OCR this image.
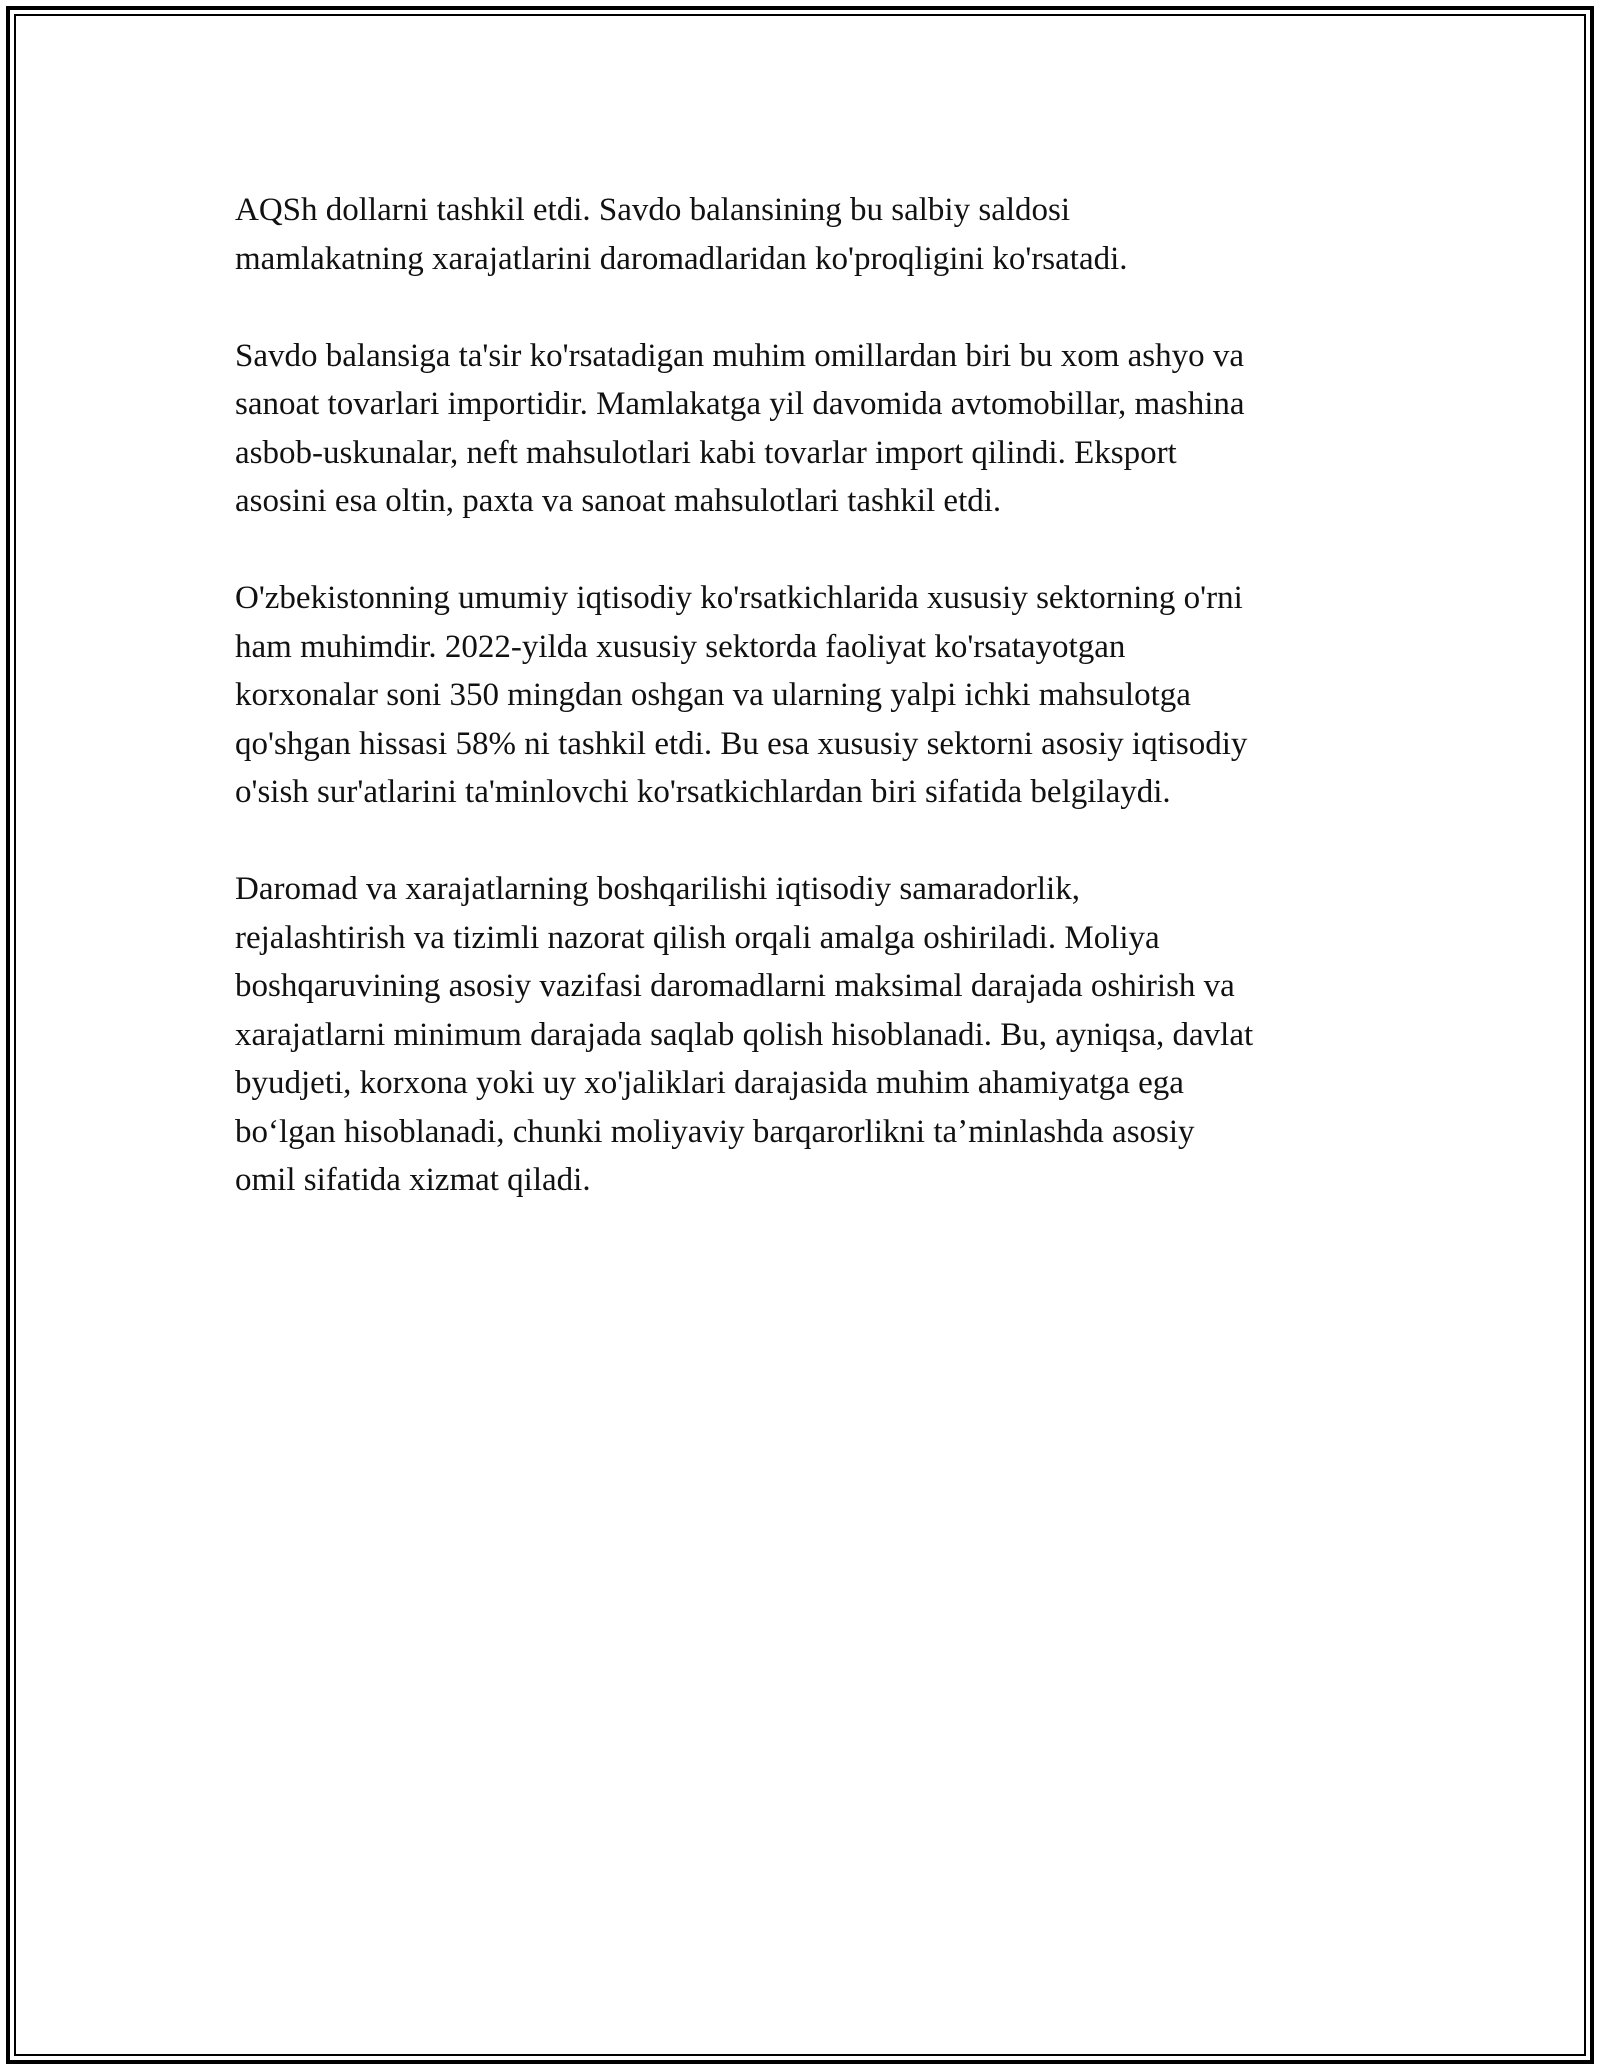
AQSh dollarni tashkil etdi. Savdo balansining bu salbiy saldosi
mamlakatning xarajatlarini daromadlaridan ko'proqligini ko'rsatadi.

Savdo balansiga ta'sir ko'rsatadigan muhim omillardan biri bu xom ashyo va
sanoat tovarlari importidir. Mamlakatga yil davomida avtomobillar, mashina
asbob-uskunalar, neft mahsulotlari kabi tovarlar import qilindi. Eksport
asosini esa oltin, paxta va sanoat mahsulotlari tashkil etdi.

O'zbekistonning umumiy iqtisodiy ko'rsatkichlarida xususiy sektorning o'rni
ham muhimdir. 2022-yilda xususiy sektorda faoliyat ko'rsatayotgan
korxonalar soni 350 mingdan oshgan va ularning yalpi ichki mahsulotga
qo'shgan hissasi 58% ni tashkil etdi. Bu esa xususiy sektorni asosiy iqtisodiy
o'sish sur'atlarini ta'minlovchi ko'rsatkichlardan biri sifatida belgilaydi.

Daromad va xarajatlarning boshqarilishi iqtisodiy samaradorlik,
rejalashtirish va tizimli nazorat qilish orqali amalga oshiriladi. Moliya
boshqaruvining asosiy vazifasi daromadlarni maksimal darajada oshirish va
xarajatlarni minimum darajada saqlab qolish hisoblanadi. Bu, ayniqsa, davlat
byudjeti, korxona yoki uy xo'jaliklari darajasida muhim ahamiyatga ega
boʻlgan hisoblanadi, chunki moliyaviy barqarorlikni taʼminlashda asosiy
omil sifatida xizmat qiladi.
